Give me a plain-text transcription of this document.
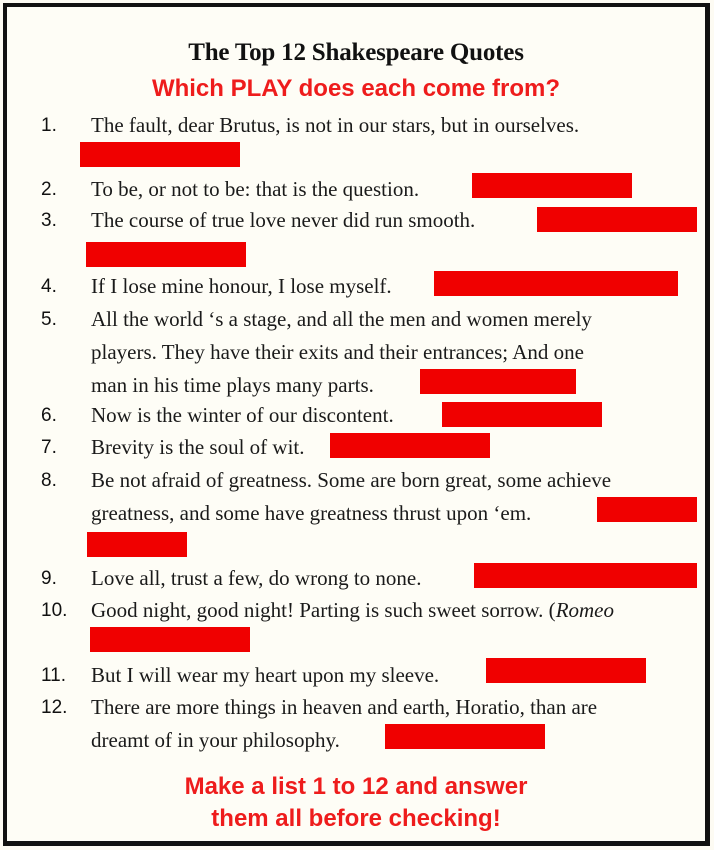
The Top 12 Shakespeare Quotes
Which PLAY does each come from?
1.	The fault, dear Brutus, is not in our stars, but in ourselves.
2.	To be, or not to be: that is the question.
3.	The course of true love never did run smooth.
4.	If I lose mine honour, I lose myself.
5.	All the world ‘s a stage, and all the men and women merely
players. They have their exits and their entrances; And one
man in his time plays many parts.
6.	Now is the winter of our discontent.
7.	Brevity is the soul of wit.
8.	Be not afraid of greatness. Some are born great, some achieve
greatness, and some have greatness thrust upon ‘em.
9.	Love all, trust a few, do wrong to none.
10.	Good night, good night! Parting is such sweet sorrow. (Romeo
11.	But I will wear my heart upon my sleeve.
12.	There are more things in heaven and earth, Horatio, than are
dreamt of in your philosophy.
Make a list 1 to 12 and answer
them all before checking!
